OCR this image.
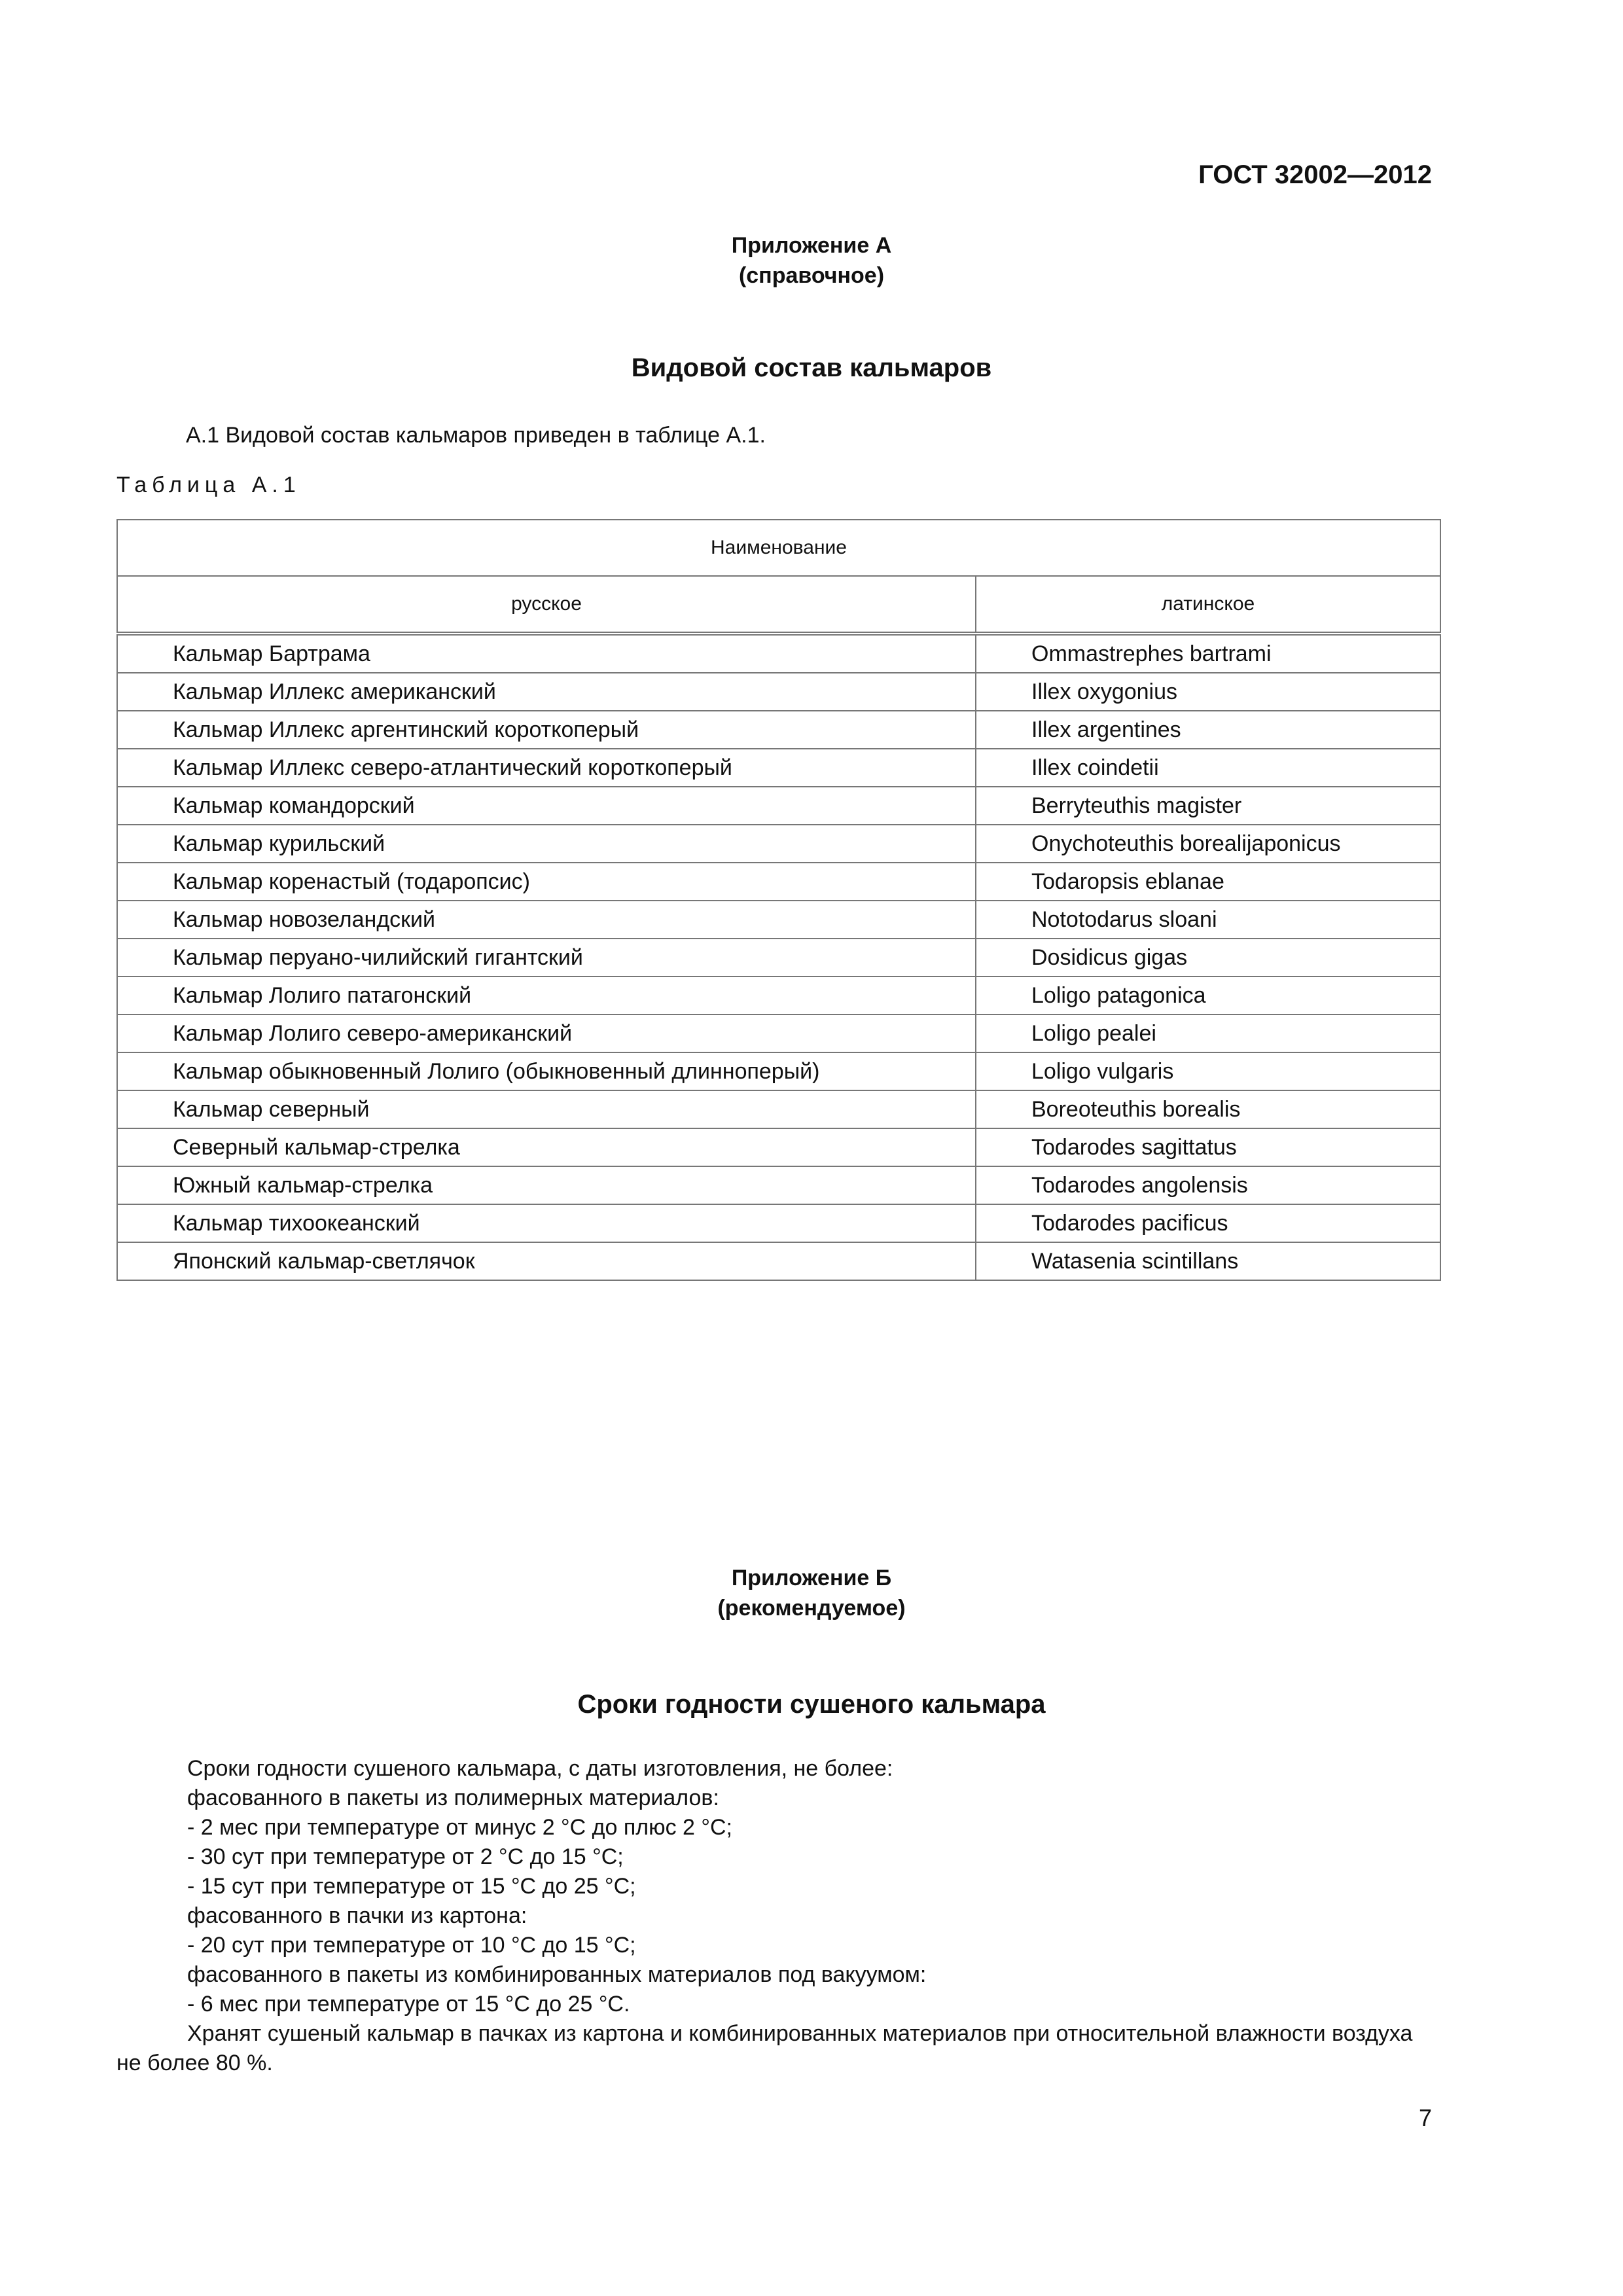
ГОСТ 32002—2012
Приложение А
(справочное)
Видовой состав кальмаров
А.1 Видовой состав кальмаров приведен в таблице А.1.
Таблица А.1
Наименование	
русское	латинское
Кальмар Бартрама	Ommastrephes bartrami
Кальмар Иллекс американский	Illex oxygonius
Кальмар Иллекс аргентинский короткоперый	Illex argentines
Кальмар Иллекс северо-атлантический короткоперый	Illex coindetii
Кальмар командорский	Berryteuthis magister
Кальмар курильский	Onychoteuthis borealijaponicus
Кальмар коренастый (тодаропсис)	Todaropsis eblanae
Кальмар новозеландский	Nototodarus sloani
Кальмар перуано-чилийский гигантский	Dosidicus gigas
Кальмар Лолиго патагонский	Loligo patagonica
Кальмар Лолиго северо-американский	Loligo pealei
Кальмар обыкновенный Лолиго (обыкновенный длинноперый)	Loligo vulgaris
Кальмар северный	Boreoteuthis borealis
Северный кальмар-стрелка	Todarodes sagittatus
Южный кальмар-стрелка	Todarodes angolensis
Кальмар тихоокеанский	Todarodes pacificus
Японский кальмар-светлячок	Watasenia scintillans
Приложение Б
(рекомендуемое)
Сроки годности сушеного кальмара
Сроки годности сушеного кальмара, с даты изготовления, не более:
фасованного в пакеты из полимерных материалов:
- 2 мес при температуре от минус 2 °С до плюс 2 °С;
- 30 сут при температуре от 2 °С до 15 °С;
- 15 сут при температуре от 15 °С до 25 °С;
фасованного в пачки из картона:
- 20 сут при температуре от 10 °С до 15 °С;
фасованного в пакеты из комбинированных материалов под вакуумом:
- 6 мес при температуре от 15 °С до 25 °С.
Хранят сушеный кальмар в пачках из картона и комбинированных материалов при относительной влажности воздуха не более 80 %.
7
